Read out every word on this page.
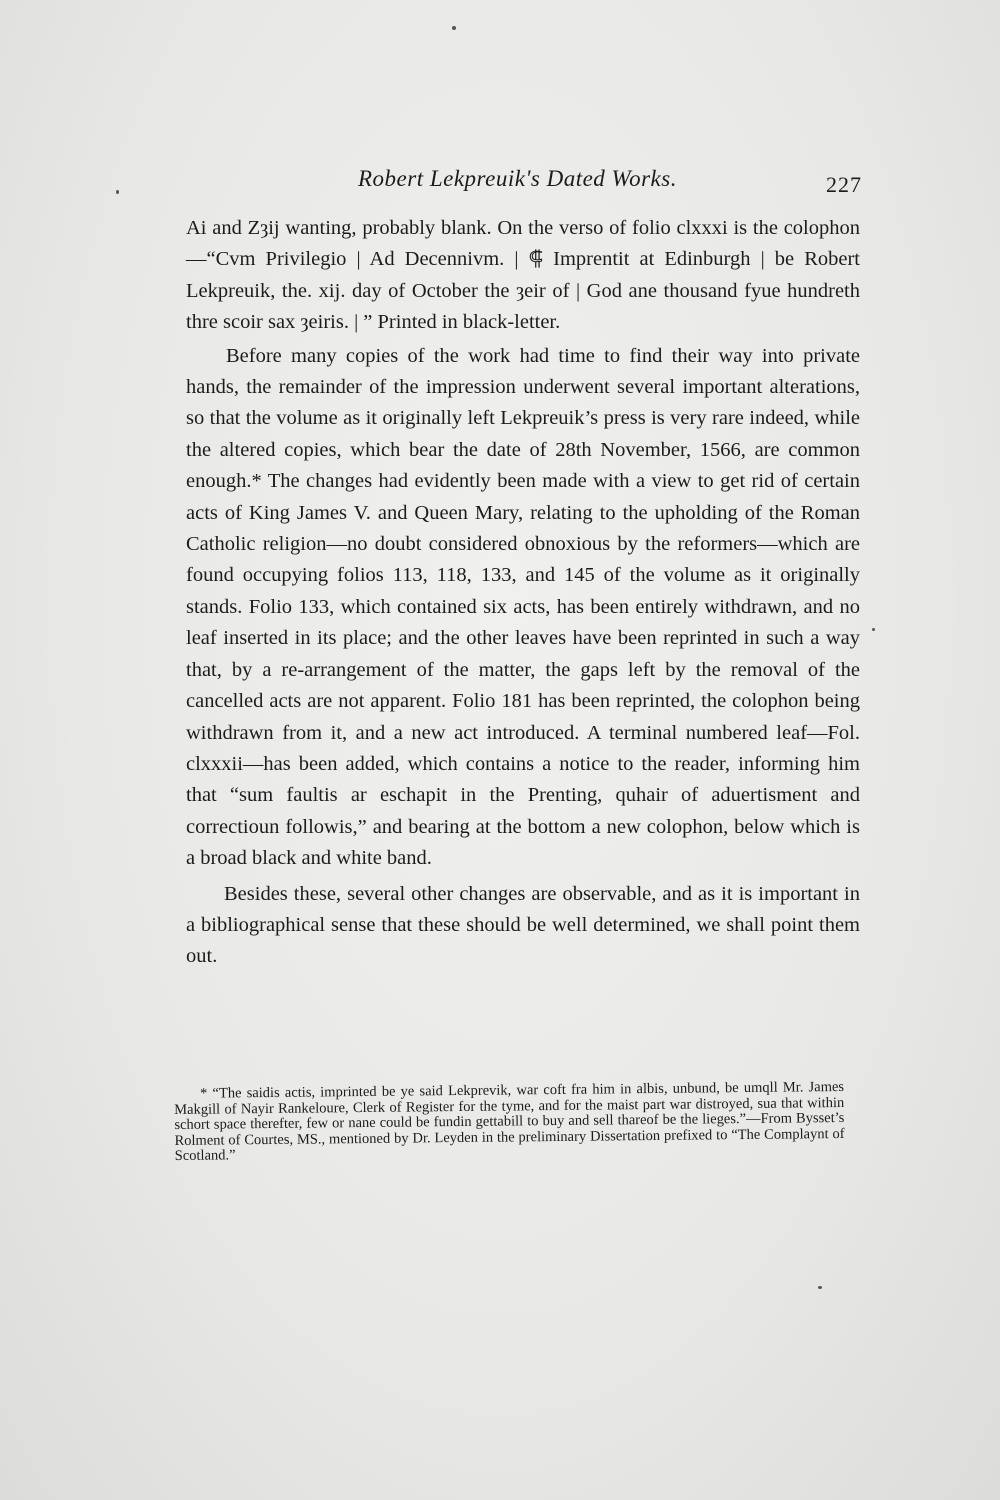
Robert Lekpreuik's Dated Works.	227

Ai and Zȝij wanting, probably blank. On the verso of folio clxxxi is the colophon—“Cvm Privilegio | Ad Decennivm. | ⸿ Imprentit at Edinburgh | be Robert Lekpreuik, the. xij. day of October the ȝeir of | God ane thousand fyue hundreth thre scoir sax ȝeiris. | ” Printed in black-letter.

Before many copies of the work had time to find their way into private hands, the remainder of the impression underwent several important alterations, so that the volume as it originally left Lekpreuik’s press is very rare indeed, while the altered copies, which bear the date of 28th November, 1566, are common enough.* The changes had evidently been made with a view to get rid of certain acts of King James V. and Queen Mary, relating to the upholding of the Roman Catholic religion—no doubt considered obnoxious by the reformers—which are found occupying folios 113, 118, 133, and 145 of the volume as it originally stands. Folio 133, which contained six acts, has been entirely withdrawn, and no leaf inserted in its place; and the other leaves have been reprinted in such a way that, by a re-arrangement of the matter, the gaps left by the removal of the cancelled acts are not apparent. Folio 181 has been reprinted, the colophon being withdrawn from it, and a new act introduced. A terminal numbered leaf—Fol. clxxxii—has been added, which contains a notice to the reader, informing him that “sum faultis ar eschapit in the Prenting, quhair of aduertisment and correctioun followis,” and bearing at the bottom a new colophon, below which is a broad black and white band.

Besides these, several other changes are observable, and as it is important in a bibliographical sense that these should be well determined, we shall point them out.

* “The saidis actis, imprinted be ye said Lekprevik, war coft fra him in albis, unbund, be umqll Mr. James Makgill of Nayir Rankeloure, Clerk of Register for the tyme, and for the maist part war distroyed, sua that within schort space therefter, few or nane could be fundin gettabill to buy and sell thareof be the lieges.”—From Bysset’s Rolment of Courtes, MS., mentioned by Dr. Leyden in the preliminary Dissertation prefixed to “The Complaynt of Scotland.”
